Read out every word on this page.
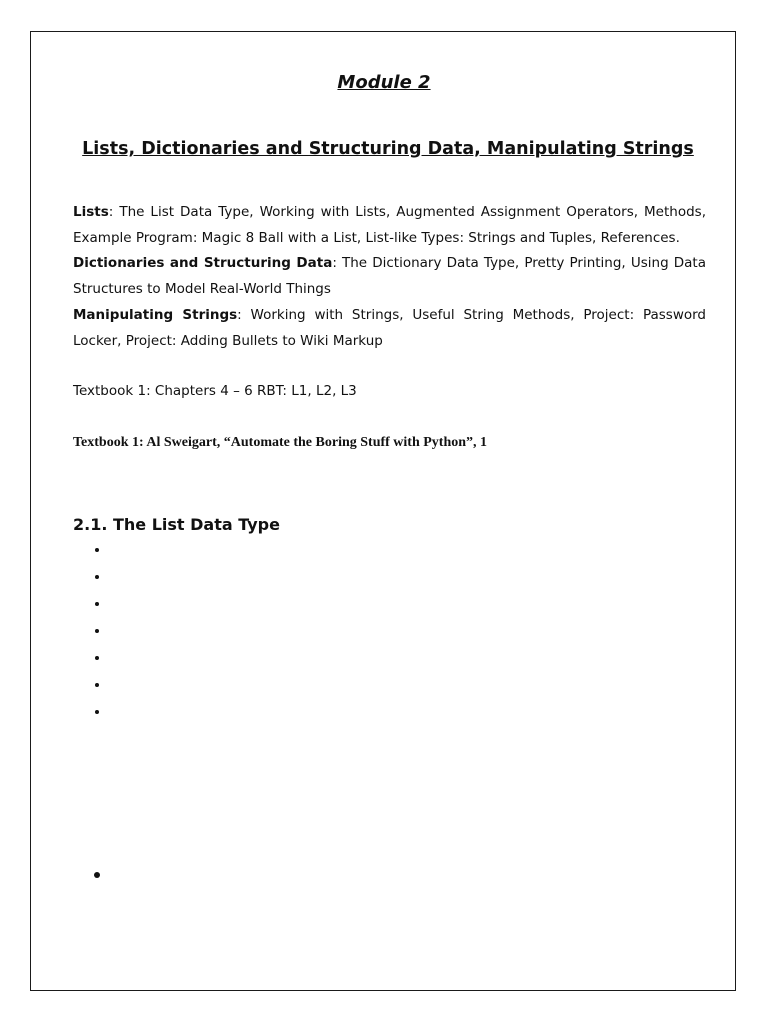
Module 2
Lists, Dictionaries and Structuring Data, Manipulating Strings

Lists: The List Data Type, Working with Lists, Augmented Assignment Operators, Methods, Example Program: Magic 8 Ball with a List, List-like Types: Strings and Tuples, References.

Dictionaries and Structuring Data: The Dictionary Data Type, Pretty Printing, Using Data Structures to Model Real-World Things

Manipulating Strings: Working with Strings, Useful String Methods, Project: Password Locker, Project: Adding Bullets to Wiki Markup

Textbook 1: Chapters 4 – 6 RBT: L1, L2, L3

Textbook 1: Al Sweigart, “Automate the Boring Stuff with Python”, 1

2.1. The List Data Type
